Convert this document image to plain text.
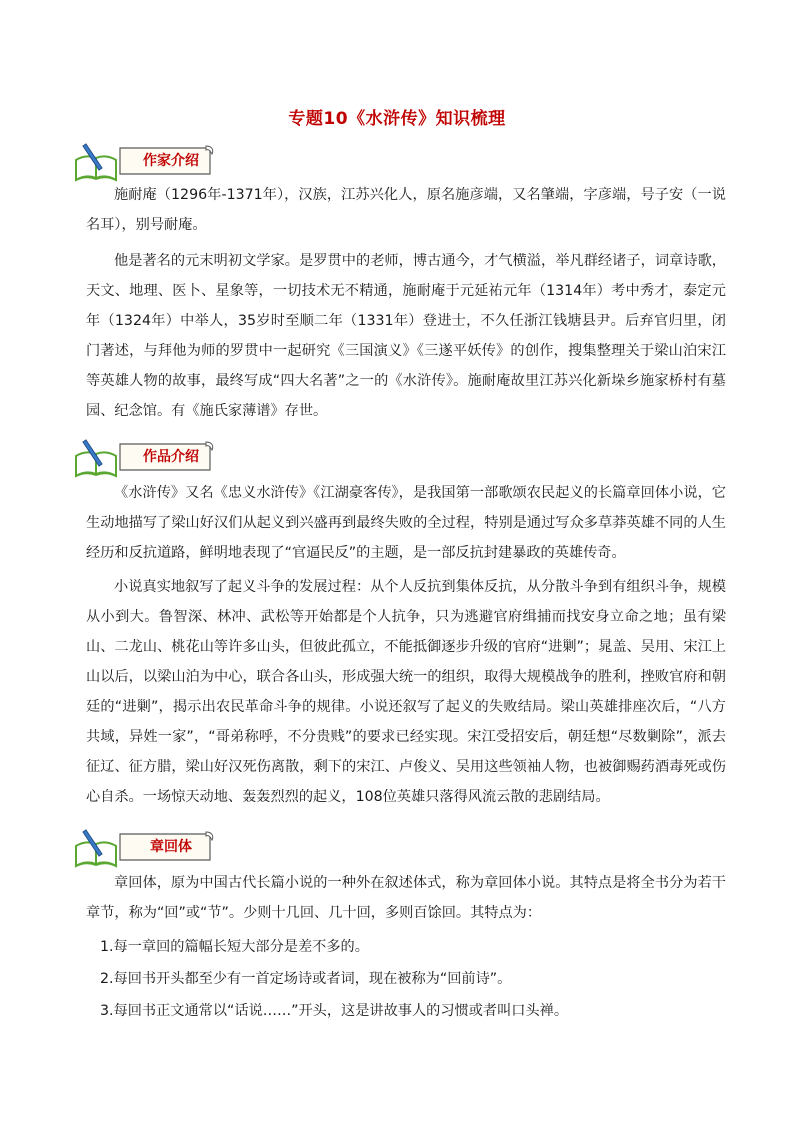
专题10《水浒传》知识梳理
作家介绍

施耐庵（1296年-1371年），汉族，江苏兴化人，原名施彦端，又名肇端，字彦端，号子安（一说名耳），别号耐庵。

他是著名的元末明初文学家。是罗贯中的老师，博古通今，才气横溢，举凡群经诸子，词章诗歌，天文、地理、医卜、星象等，一切技术无不精通，施耐庵于元延祐元年（1314年）考中秀才，泰定元年（1324年）中举人，35岁时至顺二年（1331年）登进士，不久任浙江钱塘县尹。后弃官归里，闭门著述，与拜他为师的罗贯中一起研究《三国演义》《三遂平妖传》的创作，搜集整理关于梁山泊宋江等英雄人物的故事，最终写成“四大名著”之一的《水浒传》。施耐庵故里江苏兴化新垛乡施家桥村有墓园、纪念馆。有《施氏家薄谱》存世。

作品介绍

《水浒传》又名《忠义水浒传》《江湖豪客传》，是我国第一部歌颂农民起义的长篇章回体小说，它生动地描写了梁山好汉们从起义到兴盛再到最终失败的全过程，特别是通过写众多草莽英雄不同的人生经历和反抗道路，鲜明地表现了“官逼民反”的主题，是一部反抗封建暴政的英雄传奇。

小说真实地叙写了起义斗争的发展过程：从个人反抗到集体反抗，从分散斗争到有组织斗争，规模从小到大。鲁智深、林冲、武松等开始都是个人抗争，只为逃避官府缉捕而找安身立命之地；虽有梁山、二龙山、桃花山等许多山头，但彼此孤立，不能抵御逐步升级的官府“进剿”；晁盖、吴用、宋江上山以后，以梁山泊为中心，联合各山头，形成强大统一的组织，取得大规模战争的胜利，挫败官府和朝廷的“进剿”，揭示出农民革命斗争的规律。小说还叙写了起义的失败结局。梁山英雄排座次后，“八方共域，异姓一家”，“哥弟称呼，不分贵贱”的要求已经实现。宋江受招安后，朝廷想“尽数剿除”，派去征辽、征方腊，梁山好汉死伤离散，剩下的宋江、卢俊义、吴用这些领袖人物，也被御赐药酒毒死或伤心自杀。一场惊天动地、轰轰烈烈的起义，108位英雄只落得风流云散的悲剧结局。

章回体

章回体，原为中国古代长篇小说的一种外在叙述体式，称为章回体小说。其特点是将全书分为若干章节，称为“回”或“节”。少则十几回、几十回，多则百馀回。其特点为：

1.每一章回的篇幅长短大部分是差不多的。

2.每回书开头都至少有一首定场诗或者词，现在被称为“回前诗”。

3.每回书正文通常以“话说……”开头，这是讲故事人的习惯或者叫口头禅。
